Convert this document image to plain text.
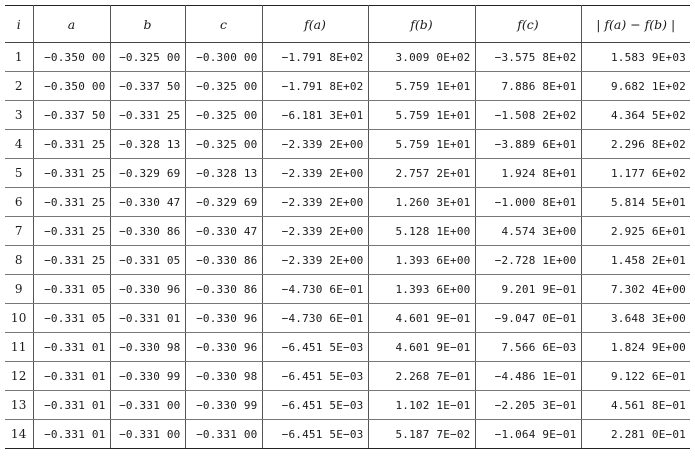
i	a	b	c	f(a)	f(b)	f(c)	| f(a) − f(b) |
1	−0.350 00	−0.325 00	−0.300 00	−1.791 8E+02	3.009 0E+02	−3.575 8E+02	1.583 9E+03
2	−0.350 00	−0.337 50	−0.325 00	−1.791 8E+02	5.759 1E+01	7.886 8E+01	9.682 1E+02
3	−0.337 50	−0.331 25	−0.325 00	−6.181 3E+01	5.759 1E+01	−1.508 2E+02	4.364 5E+02
4	−0.331 25	−0.328 13	−0.325 00	−2.339 2E+00	5.759 1E+01	−3.889 6E+01	2.296 8E+02
5	−0.331 25	−0.329 69	−0.328 13	−2.339 2E+00	2.757 2E+01	1.924 8E+01	1.177 6E+02
6	−0.331 25	−0.330 47	−0.329 69	−2.339 2E+00	1.260 3E+01	−1.000 8E+01	5.814 5E+01
7	−0.331 25	−0.330 86	−0.330 47	−2.339 2E+00	5.128 1E+00	4.574 3E+00	2.925 6E+01
8	−0.331 25	−0.331 05	−0.330 86	−2.339 2E+00	1.393 6E+00	−2.728 1E+00	1.458 2E+01
9	−0.331 05	−0.330 96	−0.330 86	−4.730 6E−01	1.393 6E+00	9.201 9E−01	7.302 4E+00
10	−0.331 05	−0.331 01	−0.330 96	−4.730 6E−01	4.601 9E−01	−9.047 0E−01	3.648 3E+00
11	−0.331 01	−0.330 98	−0.330 96	−6.451 5E−03	4.601 9E−01	7.566 6E−03	1.824 9E+00
12	−0.331 01	−0.330 99	−0.330 98	−6.451 5E−03	2.268 7E−01	−4.486 1E−01	9.122 6E−01
13	−0.331 01	−0.331 00	−0.330 99	−6.451 5E−03	1.102 1E−01	−2.205 3E−01	4.561 8E−01
14	−0.331 01	−0.331 00	−0.331 00	−6.451 5E−03	5.187 7E−02	−1.064 9E−01	2.281 0E−01
